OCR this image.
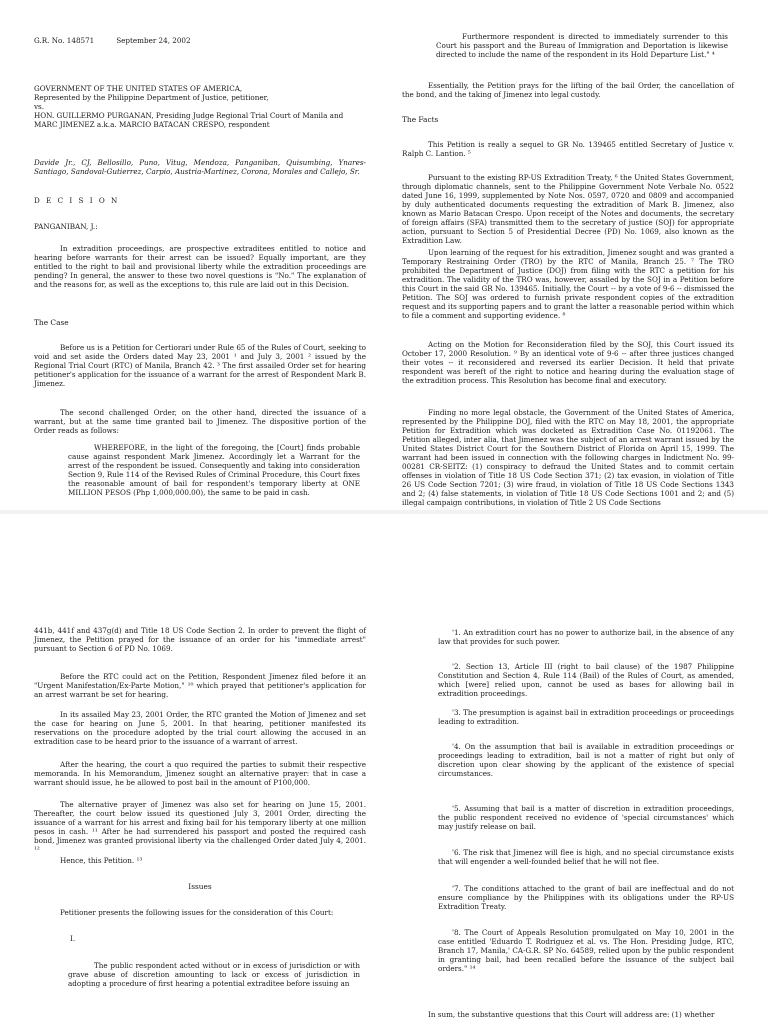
G.R. No. 148571	September 24, 2002
GOVERNMENT OF THE UNITED STATES OF AMERICA,
Represented by the Philippine Department of Justice, petitioner,
vs.
HON. GUILLERMO PURGANAN, Presiding Judge Regional Trial Court of Manila and
MARC JIMENEZ a.k.a. MARCIO BATACAN CRESPO, respondent

Davide Jr., CJ, Bellosillo, Puno, Vitug, Mendoza, Panganiban, Quisumbing, Ynares-Santiago, Sandoval-Gutierrez, Carpio, Austria-Martinez, Corona, Morales and Callejo, Sr.

D E C I S I O N

PANGANIBAN, J.:

In extradition proceedings, are prospective extraditees entitled to notice and hearing before warrants for their arrest can be issued? Equally important, are they entitled to the right to bail and provisional liberty while the extradition proceedings are pending? In general, the answer to these two novel questions is "No." The explanation of and the reasons for, as well as the exceptions to, this rule are laid out in this Decision.

The Case

Before us is a Petition for Certiorari under Rule 65 of the Rules of Court, seeking to void and set aside the Orders dated May 23, 2001 ¹ and July 3, 2001 ² issued by the Regional Trial Court (RTC) of Manila, Branch 42. ³ The first assailed Order set for hearing petitioner's application for the issuance of a warrant for the arrest of Respondent Mark B. Jimenez.

The second challenged Order, on the other hand, directed the issuance of a warrant, but at the same time granted bail to Jimenez. The dispositive portion of the Order reads as follows:

WHEREFORE, in the light of the foregoing, the [Court] finds probable cause against respondent Mark Jimenez. Accordingly let a Warrant for the arrest of the respondent be issued. Consequently and taking into consideration Section 9, Rule 114 of the Revised Rules of Criminal Procedure, this Court fixes the reasonable amount of bail for respondent's temporary liberty at ONE MILLION PESOS (Php 1,000,000.00), the same to be paid in cash.

Furthermore respondent is directed to immediately surrender to this Court his passport and the Bureau of Immigration and Deportation is likewise directed to include the name of the respondent in its Hold Departure List." ⁴

Essentially, the Petition prays for the lifting of the bail Order, the cancellation of the bond, and the taking of Jimenez into legal custody.

The Facts

This Petition is really a sequel to GR No. 139465 entitled Secretary of Justice v. Ralph C. Lantion. ⁵

Pursuant to the existing RP-US Extradition Treaty, ⁶ the United States Government, through diplomatic channels, sent to the Philippine Government Note Verbale No. 0522 dated June 16, 1999, supplemented by Note Nos. 0597, 0720 and 0809 and accompanied by duly authenticated documents requesting the extradition of Mark B. Jimenez, also known as Mario Batacan Crespo. Upon receipt of the Notes and documents, the secretary of foreign affairs (SFA) transmitted them to the secretary of justice (SOJ) for appropriate action, pursuant to Section 5 of Presidential Decree (PD) No. 1069, also known as the Extradition Law.

Upon learning of the request for his extradition, Jimenez sought and was granted a Temporary Restraining Order (TRO) by the RTC of Manila, Branch 25. ⁷ The TRO prohibited the Department of Justice (DOJ) from filing with the RTC a petition for his extradition. The validity of the TRO was, however, assailed by the SOJ in a Petition before this Court in the said GR No. 139465. Initially, the Court -- by a vote of 9-6 -- dismissed the Petition. The SOJ was ordered to furnish private respondent copies of the extradition request and its supporting papers and to grant the latter a reasonable period within which to file a comment and supporting evidence. ⁸

Acting on the Motion for Reconsideration filed by the SOJ, this Court issued its October 17, 2000 Resolution. ⁹ By an identical vote of 9-6 -- after three justices changed their votes -- it reconsidered and reversed its earlier Decision. It held that private respondent was bereft of the right to notice and hearing during the evaluation stage of the extradition process. This Resolution has become final and executory.

Finding no more legal obstacle, the Government of the United States of America, represented by the Philippine DOJ, filed with the RTC on May 18, 2001, the appropriate Petition for Extradition which was docketed as Extradition Case No. 01192061. The Petition alleged, inter alia, that Jimenez was the subject of an arrest warrant issued by the United States District Court for the Southern District of Florida on April 15, 1999. The warrant had been issued in connection with the following charges in Indictment No. 99-00281 CR-SEITZ: (1) conspiracy to defraud the United States and to commit certain offenses in violation of Title 18 US Code Section 371; (2) tax evasion, in violation of Title 26 US Code Section 7201; (3) wire fraud, in violation of Title 18 US Code Sections 1343 and 2; (4) false statements, in violation of Title 18 US Code Sections 1001 and 2; and (5) illegal campaign contributions, in violation of Title 2 US Code Sections

441b, 441f and 437g(d) and Title 18 US Code Section 2. In order to prevent the flight of Jimenez, the Petition prayed for the issuance of an order for his "immediate arrest" pursuant to Section 6 of PD No. 1069.

Before the RTC could act on the Petition, Respondent Jimenez filed before it an "Urgent Manifestation/Ex-Parte Motion," ¹⁰ which prayed that petitioner's application for an arrest warrant be set for hearing.

In its assailed May 23, 2001 Order, the RTC granted the Motion of Jimenez and set the case for hearing on June 5, 2001. In that hearing, petitioner manifested its reservations on the procedure adopted by the trial court allowing the accused in an extradition case to be heard prior to the issuance of a warrant of arrest.

After the hearing, the court a quo required the parties to submit their respective memoranda. In his Memorandum, Jimenez sought an alternative prayer: that in case a warrant should issue, he be allowed to post bail in the amount of P100,000.

The alternative prayer of Jimenez was also set for hearing on June 15, 2001. Thereafter, the court below issued its questioned July 3, 2001 Order, directing the issuance of a warrant for his arrest and fixing bail for his temporary liberty at one million pesos in cash. ¹¹ After he had surrendered his passport and posted the required cash bond, Jimenez was granted provisional liberty via the challenged Order dated July 4, 2001. ¹²

Hence, this Petition. ¹³

Issues

Petitioner presents the following issues for the consideration of this Court:

I.

The public respondent acted without or in excess of jurisdiction or with grave abuse of discretion amounting to lack or excess of jurisdiction in adopting a procedure of first hearing a potential extraditee before issuing an

'1. An extradition court has no power to authorize bail, in the absence of any law that provides for such power.

'2. Section 13, Article III (right to bail clause) of the 1987 Philippine Constitution and Section 4, Rule 114 (Bail) of the Rules of Court, as amended, which [were] relied upon, cannot be used as bases for allowing bail in extradition proceedings.

'3. The presumption is against bail in extradition proceedings or proceedings leading to extradition.

'4. On the assumption that bail is available in extradition proceedings or proceedings leading to extradition, bail is not a matter of right but only of discretion upon clear showing by the applicant of the existence of special circumstances.

'5. Assuming that bail is a matter of discretion in extradition proceedings, the public respondent received no evidence of 'special circumstances' which may justify release on bail.

'6. The risk that Jimenez will flee is high, and no special circumstance exists that will engender a well-founded belief that he will not flee.

'7. The conditions attached to the grant of bail are ineffectual and do not ensure compliance by the Philippines with its obligations under the RP-US Extradition Treaty.

'8. The Court of Appeals Resolution promulgated on May 10, 2001 in the case entitled 'Eduardo T. Rodriguez et al. vs. The Hon. Presiding Judge, RTC, Branch 17, Manila,' CA-G.R. SP No. 64589, relied upon by the public respondent in granting bail, had been recalled before the issuance of the subject bail orders." ¹⁴

In sum, the substantive questions that this Court will address are: (1) whether
